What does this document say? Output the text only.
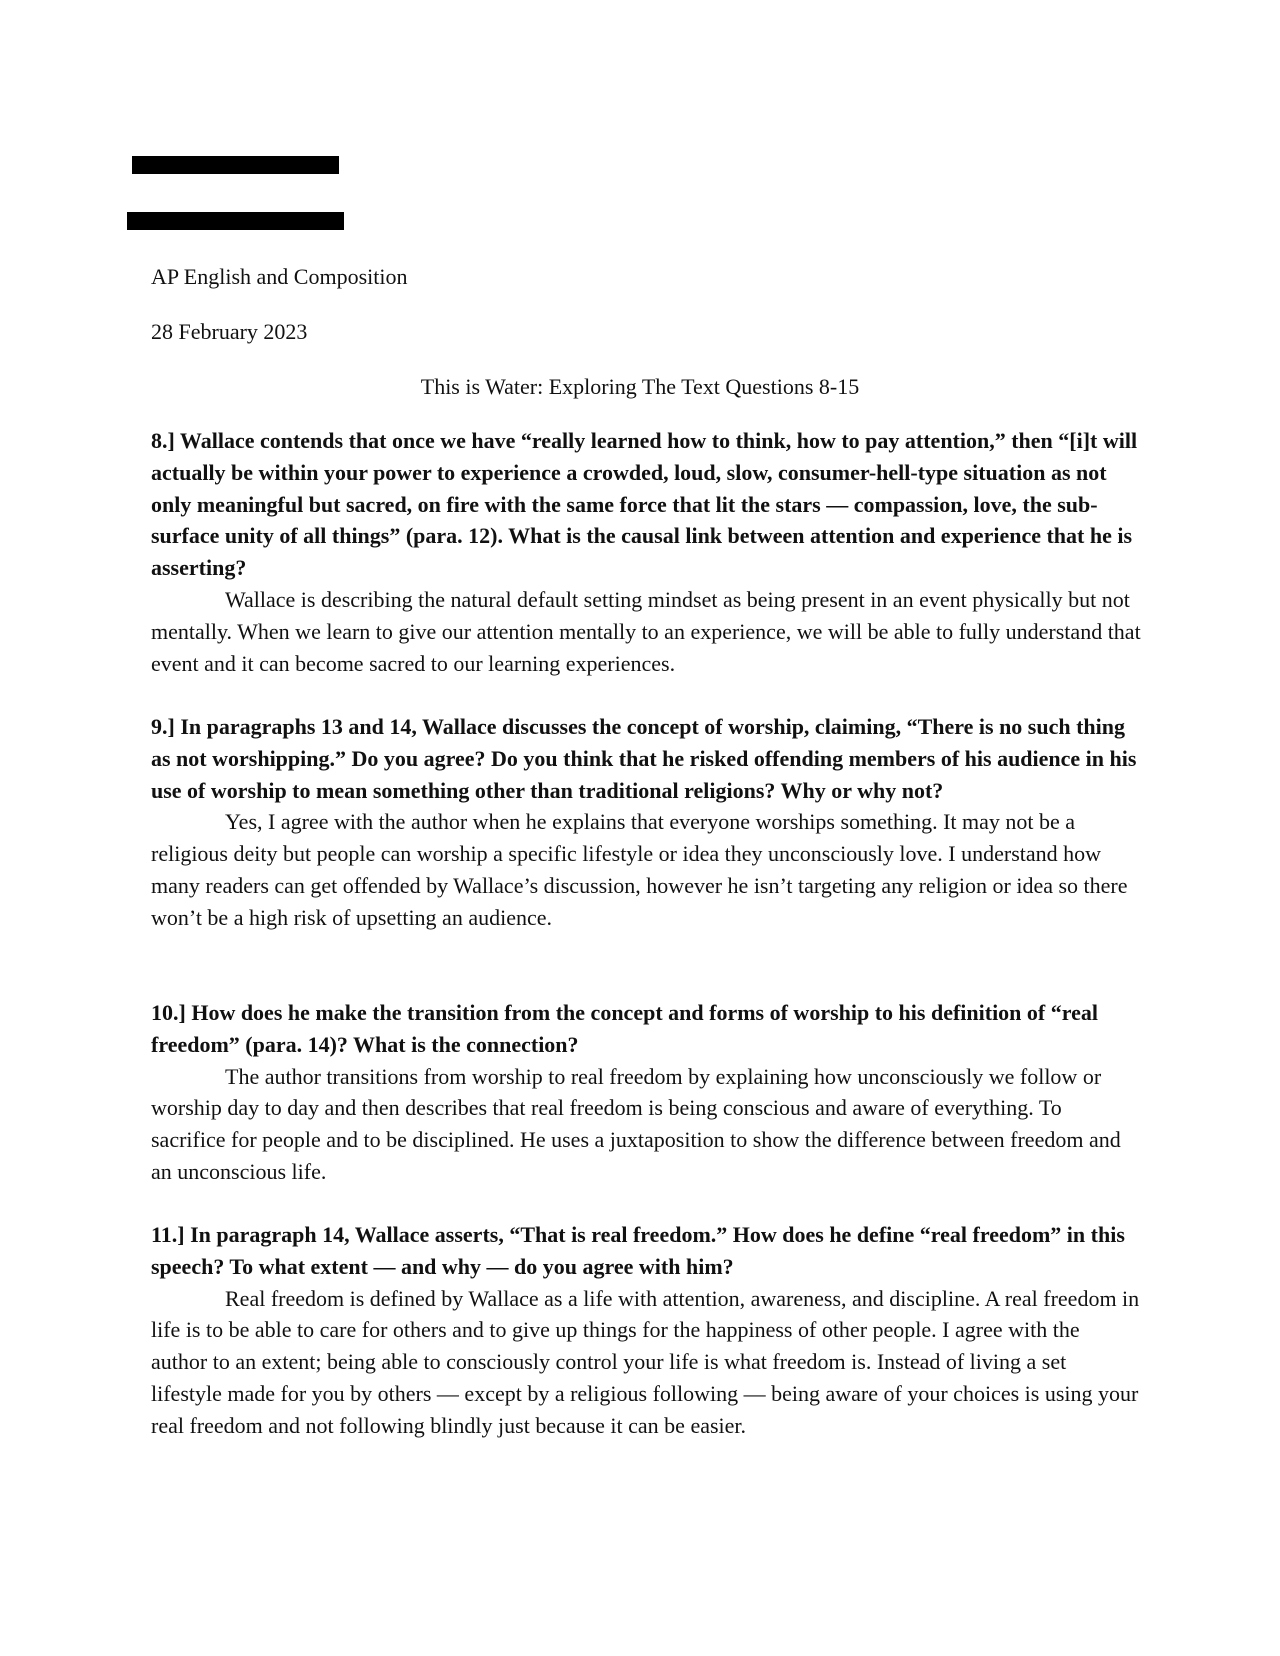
AP English and Composition
28 February 2023
This is Water: Exploring The Text Questions 8-15

8.] Wallace contends that once we have “really learned how to think, how to pay attention,” then “[i]t will actually be within your power to experience a crowded, loud, slow, consumer-hell-type situation as not only meaningful but sacred, on fire with the same force that lit the stars — compassion, love, the sub-surface unity of all things” (para. 12). What is the causal link between attention and experience that he is asserting?

Wallace is describing the natural default setting mindset as being present in an event physically but not mentally. When we learn to give our attention mentally to an experience, we will be able to fully understand that event and it can become sacred to our learning experiences.

9.] In paragraphs 13 and 14, Wallace discusses the concept of worship, claiming, “There is no such thing as not worshipping.” Do you agree? Do you think that he risked offending members of his audience in his use of worship to mean something other than traditional religions? Why or why not?

Yes, I agree with the author when he explains that everyone worships something. It may not be a religious deity but people can worship a specific lifestyle or idea they unconsciously love. I understand how many readers can get offended by Wallace’s discussion, however he isn’t targeting any religion or idea so there won’t be a high risk of upsetting an audience.

10.] How does he make the transition from the concept and forms of worship to his definition of “real freedom” (para. 14)? What is the connection?

The author transitions from worship to real freedom by explaining how unconsciously we follow or worship day to day and then describes that real freedom is being conscious and aware of everything. To sacrifice for people and to be disciplined. He uses a juxtaposition to show the difference between freedom and an unconscious life.

11.] In paragraph 14, Wallace asserts, “That is real freedom.” How does he define “real freedom” in this speech? To what extent — and why — do you agree with him?

Real freedom is defined by Wallace as a life with attention, awareness, and discipline. A real freedom in life is to be able to care for others and to give up things for the happiness of other people. I agree with the author to an extent; being able to consciously control your life is what freedom is. Instead of living a set lifestyle made for you by others — except by a religious following — being aware of your choices is using your real freedom and not following blindly just because it can be easier.
